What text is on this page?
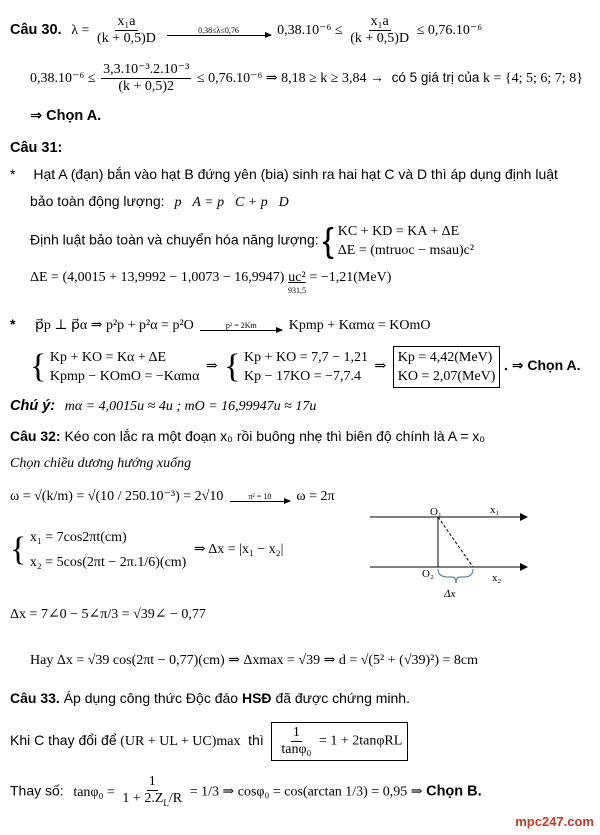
Câu 30. $\lambda = \frac{\text{x₁a}}{(k + 0,5)D}$
	0,38≤λ≤0,76	$0,38.10^{-6} \le \frac{\text{x₁a}}{(k + 0,5)D} \le 0,76.10^{-6}$
$0,38.10^{-6} \le \frac{\text{3,3.10⁻³.2.10⁻³}}{(k + 0,5)2} \le 0,76.10^{-6}$ ⇒ 8,18 ≥ k ≥ 3,84 → có 5 giá trị của k = {4; 5; 6; 7; 8}
⇒ Chọn A.
Câu 31:
* Hạt A (đạn) bắn vào hạt B đứng yên (bia) sinh ra hai hạt C và D thì áp dụng định luật
bảo toàn động lượng: p⃗A = p⃗C + p⃗D
Định luật bảo toàn và chuyển hóa năng lượng: { KC + KD = KA + ΔE
ΔE = (mtruoc − msau)c²
ΔE = (4,0015 + 13,9992 − 1,0073 − 16,9947) uc²
931,5
= −1,21(MeV)
* p⃗p ⊥ p⃗α ⇒ p²p + p²α = p²O	p² = 2Km	Kpmp + Kαmα = KOmO
{ Kp + KO = Kα + ΔE
Kpmp − KOmO = −Kαmα
⇒ { Kp + KO = 7,7 − 1,21
Kp − 17KO = −7,7.4
⇒
Kp = 4,42(MeV)
KO = 2,07(MeV)
. ⇒ Chọn A.
Chú ý: mα = 4,0015u ≈ 4u ; mO = 16,99947u ≈ 17u
Câu 32: Kéo con lắc ra một đoạn x₀ rồi buông nhẹ thì biên độ chính là A = x₀
Chọn chiều dương hướng xuống
ω = √(k/m) = √(10 / 250.10⁻³) = 2√10	π² = 10	ω = 2π
{ x₁ = 7cos2πt(cm)
x₂ = 5cos(2πt − 2π.1/6)(cm)
⇒ Δx = |x₁ − x₂|
Δx = 7∠0 − 5∠π/3 = √39∠ − 0,77
Hay Δx = √39 cos(2πt − 0,77)(cm) ⇒ Δxmax = √39 ⇒ d = √(5² + (√39)²) = 8cm
O₁
O₂
x₁
x₂
Δx
Câu 33. Áp dụng công thức Độc đáo HSĐ đã được chứng minh.
Khi C thay đổi để (UR + UL + UC)max thì $\frac{1}{\text{tanφ₀}} = 1 + 2\tan\varphi RL$
Thay số: $\tan\varphi_0 = \frac{1}{1 + 2.Z_L/R} = 1/3$ ⇒ cosφ₀ = cos(arctan 1/3) = 0,95 ⇒ Chọn B.
mpc247.com
